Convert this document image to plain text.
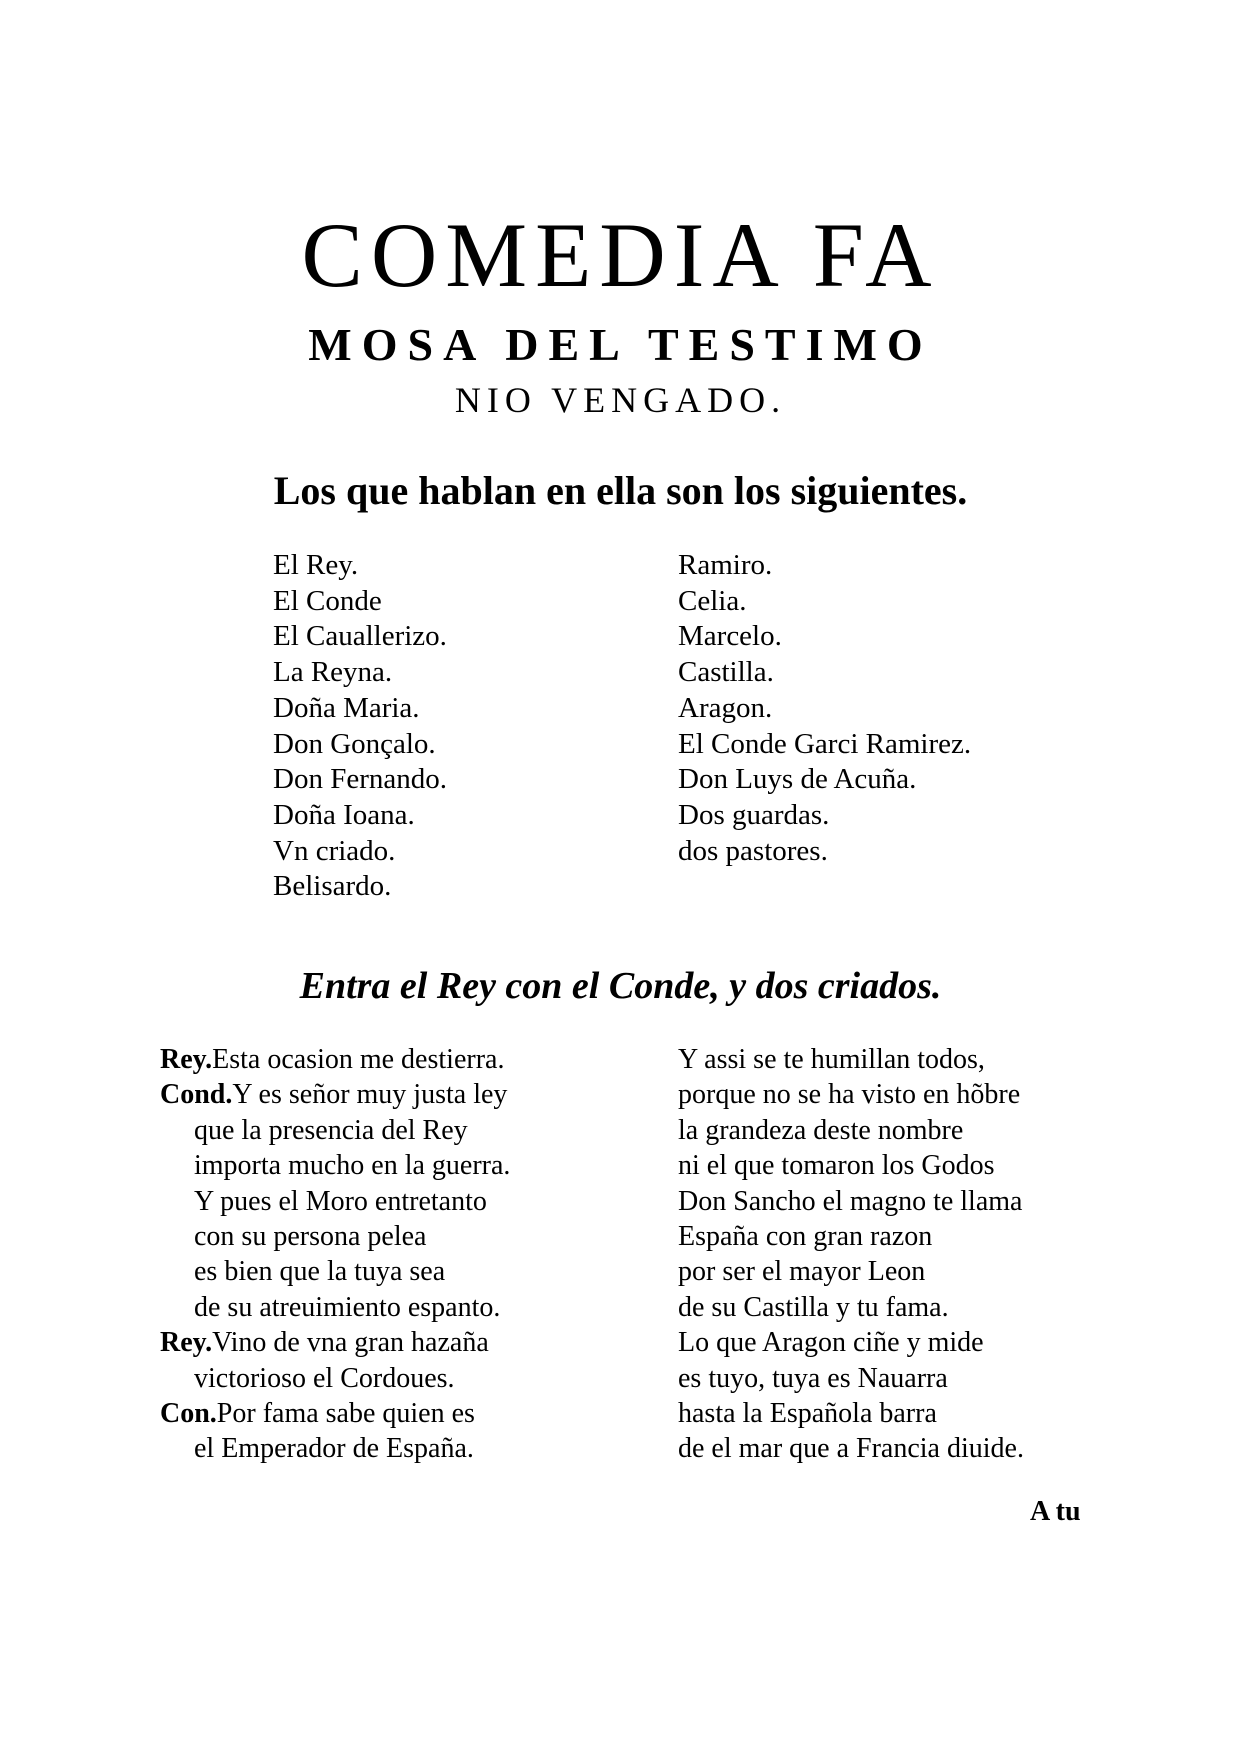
COMEDIA FA
MOSA DEL TESTIMO
NIO VENGADO.
Los que hablan en ella son los siguientes.
El Rey.
El Conde
El Cauallerizo.
La Reyna.
Doña Maria.
Don Gonçalo.
Don Fernando.
Doña Ioana.
Vn criado.
Belisardo.
Ramiro.
Celia.
Marcelo.
Castilla.
Aragon.
El Conde Garci Ramirez.
Don Luys de Acuña.
Dos guardas.
dos pastores.
Entra el Rey con el Conde, y dos criados.
Rey.Esta ocasion me destierra.
Cond.Y es señor muy justa ley
que la presencia del Rey
importa mucho en la guerra.
Y pues el Moro entretanto
con su persona pelea
es bien que la tuya sea
de su atreuimiento espanto.
Rey.Vino de vna gran hazaña
victorioso el Cordoues.
Con.Por fama sabe quien es
el Emperador de España.
Y assi se te humillan todos,
porque no se ha visto en hõbre
la grandeza deste nombre
ni el que tomaron los Godos
Don Sancho el magno te llama
España con gran razon
por ser el mayor Leon
de su Castilla y tu fama.
Lo que Aragon ciñe y mide
es tuyo, tuya es Nauarra
hasta la Española barra
de el mar que a Francia diuide.
A tu
